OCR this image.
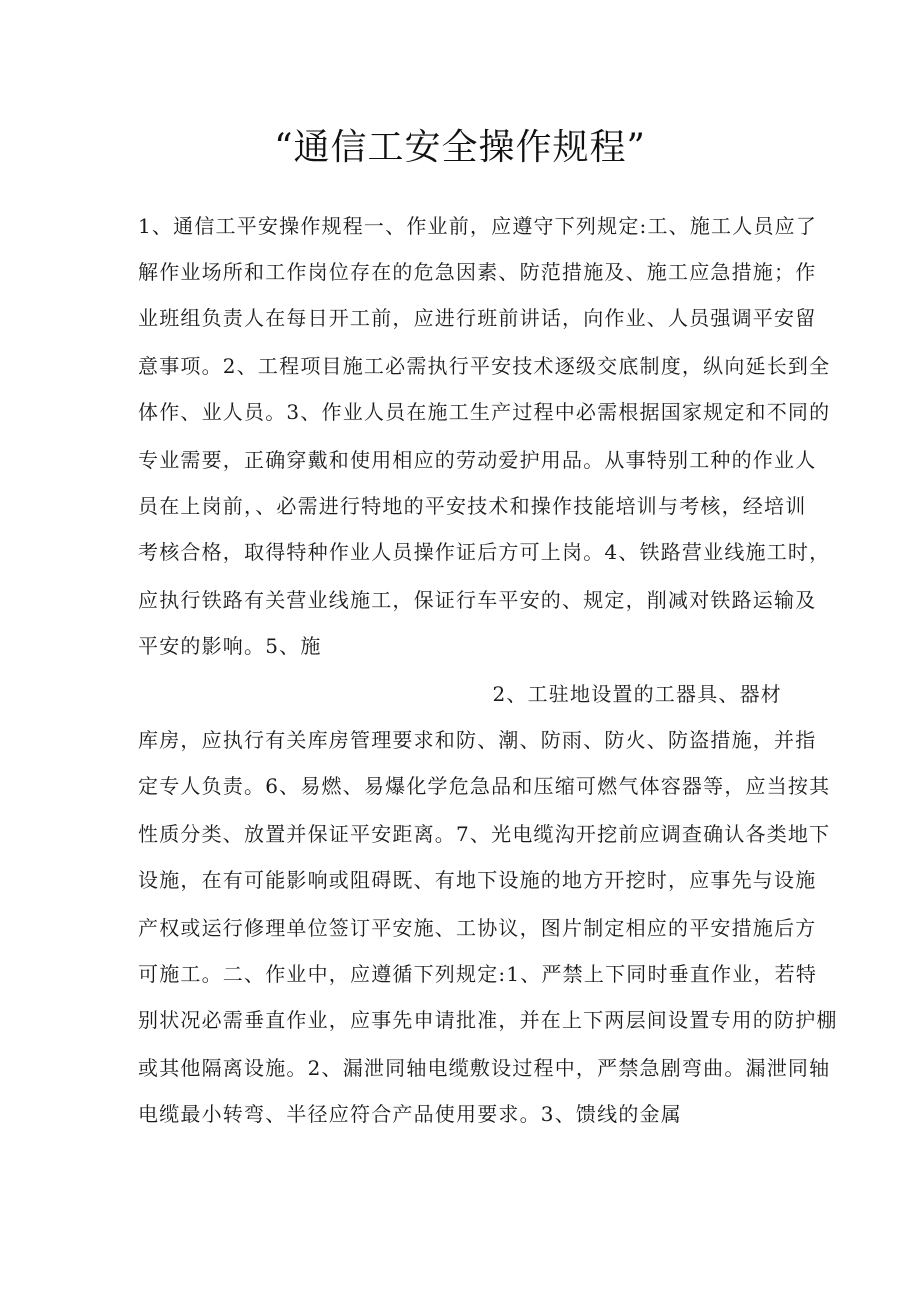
“通信工安全操作规程”
1、通信工平安操作规程一、作业前，应遵守下列规定:工、施工人员应了
解作业场所和工作岗位存在的危急因素、防范措施及、施工应急措施；作
业班组负责人在每日开工前，应进行班前讲话，向作业、人员强调平安留
意事项。2、工程项目施工必需执行平安技术逐级交底制度，纵向延长到全
体作、业人员。3、作业人员在施工生产过程中必需根据国家规定和不同的
专业需要，正确穿戴和使用相应的劳动爱护用品。从事特别工种的作业人
员在上岗前，、必需进行特地的平安技术和操作技能培训与考核，经培训
考核合格，取得特种作业人员操作证后方可上岗。4、铁路营业线施工时，
应执行铁路有关营业线施工，保证行车平安的、规定，削减对铁路运输及
平安的影响。5、施
2、工驻地设置的工器具、器材
库房，应执行有关库房管理要求和防、潮、防雨、防火、防盗措施，并指
定专人负责。6、易燃、易爆化学危急品和压缩可燃气体容器等，应当按其
性质分类、放置并保证平安距离。7、光电缆沟开挖前应调查确认各类地下
设施，在有可能影响或阻碍既、有地下设施的地方开挖时，应事先与设施
产权或运行修理单位签订平安施、工协议，图片制定相应的平安措施后方
可施工。二、作业中，应遵循下列规定:1、严禁上下同时垂直作业，若特
别状况必需垂直作业，应事先申请批准，并在上下两层间设置专用的防护棚
或其他隔离设施。2、漏泄同轴电缆敷设过程中，严禁急剧弯曲。漏泄同轴
电缆最小转弯、半径应符合产品使用要求。3、馈线的金属
